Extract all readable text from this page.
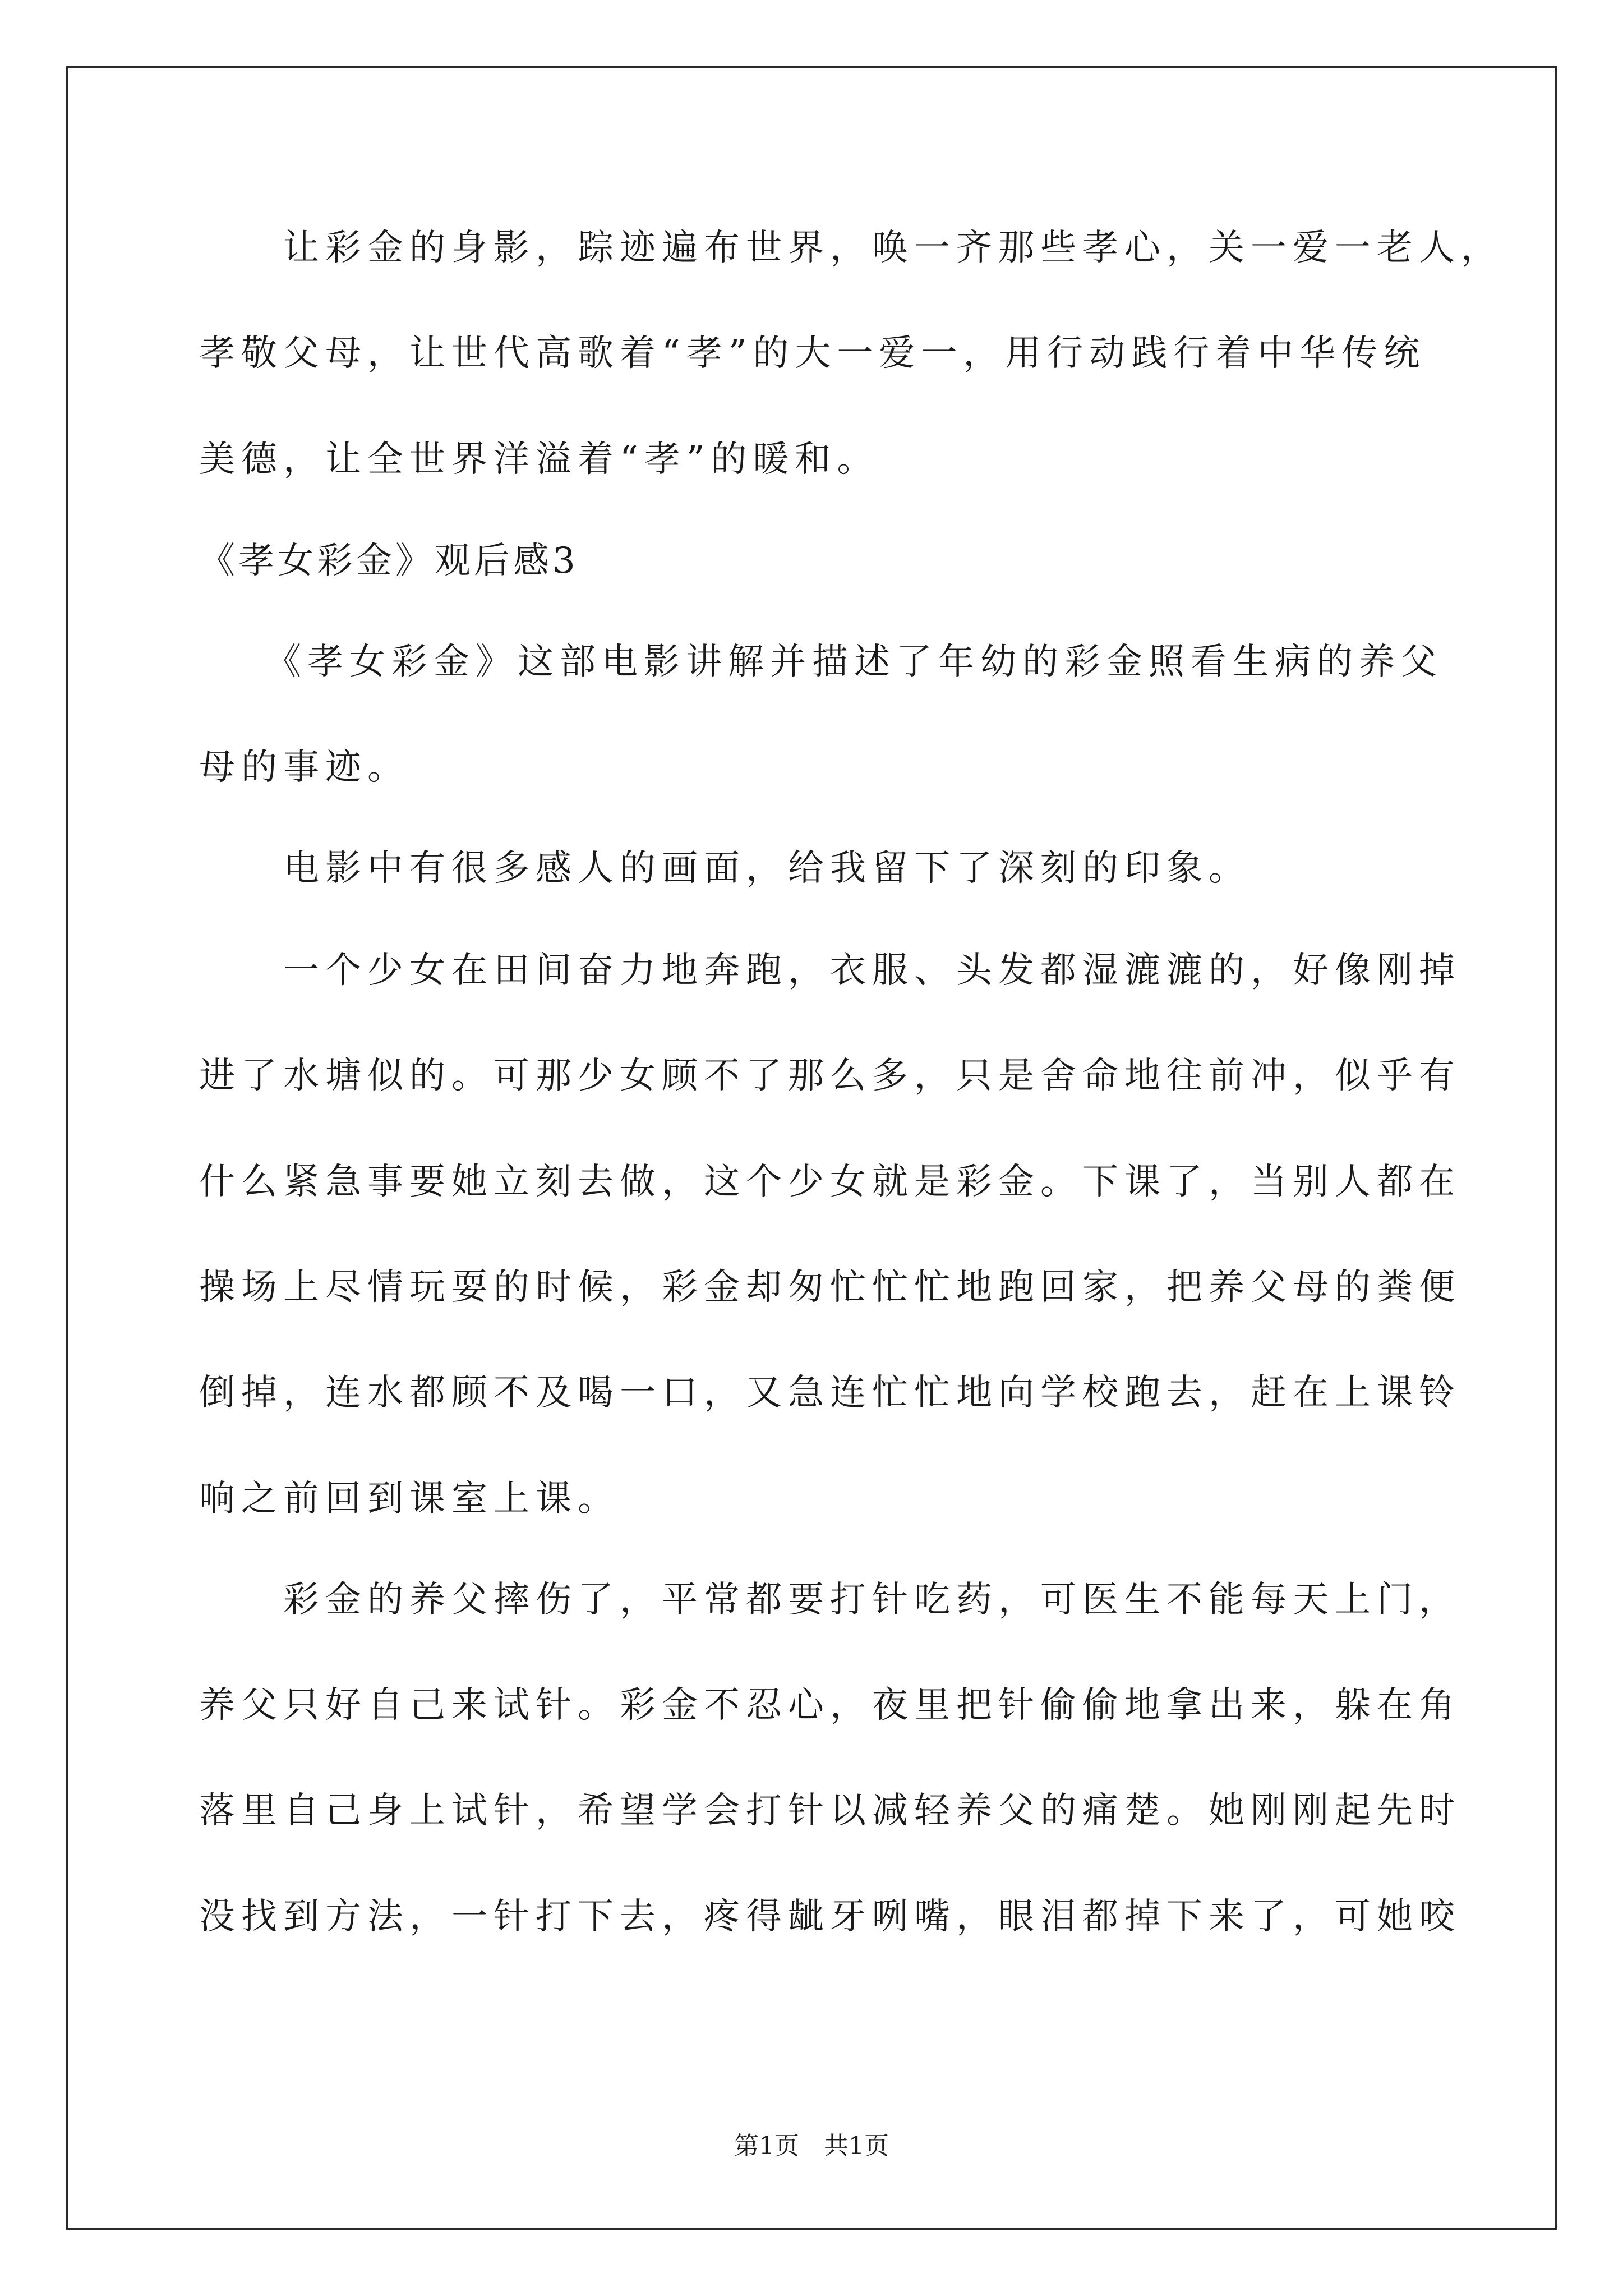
　　让彩金的身影，踪迹遍布世界，唤一齐那些孝心，关一爱一老人，
孝敬父母，让世代高歌着“孝”的大一爱一，用行动践行着中华传统
美德，让全世界洋溢着“孝”的暖和。
《孝女彩金》观后感3
　　《孝女彩金》这部电影讲解并描述了年幼的彩金照看生病的养父
母的事迹。
　　电影中有很多感人的画面，给我留下了深刻的印象。
　　一个少女在田间奋力地奔跑，衣服、头发都湿漉漉的，好像刚掉
进了水塘似的。可那少女顾不了那么多，只是舍命地往前冲，似乎有
什么紧急事要她立刻去做，这个少女就是彩金。下课了，当别人都在
操场上尽情玩耍的时候，彩金却匆忙忙忙地跑回家，把养父母的粪便
倒掉，连水都顾不及喝一口，又急连忙忙地向学校跑去，赶在上课铃
响之前回到课室上课。
　　彩金的养父摔伤了，平常都要打针吃药，可医生不能每天上门，
养父只好自己来试针。彩金不忍心，夜里把针偷偷地拿出来，躲在角
落里自己身上试针，希望学会打针以减轻养父的痛楚。她刚刚起先时
没找到方法，一针打下去，疼得龇牙咧嘴，眼泪都掉下来了，可她咬
第1页　共1页
